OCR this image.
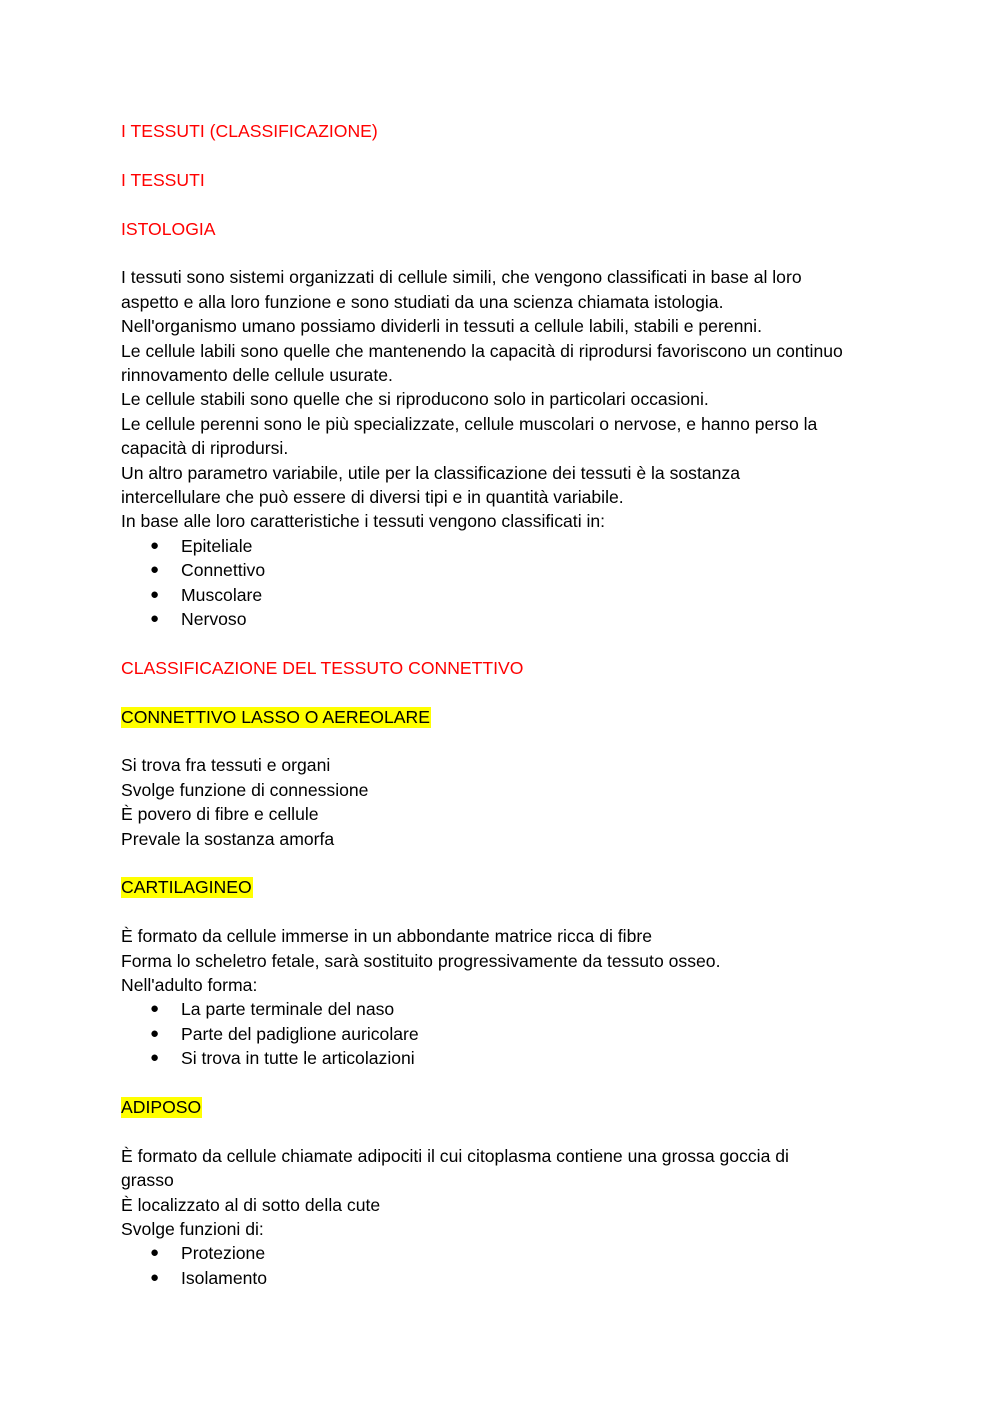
I TESSUTI (CLASSIFICAZIONE)
I TESSUTI
ISTOLOGIA
I tessuti sono sistemi organizzati di cellule simili, che vengono classificati in base al loro
aspetto e alla loro funzione e sono studiati da una scienza chiamata istologia.
Nell'organismo umano possiamo dividerli in tessuti a cellule labili, stabili e perenni.
Le cellule labili sono quelle che mantenendo la capacità di riprodursi favoriscono un continuo
rinnovamento delle cellule usurate.
Le cellule stabili sono quelle che si riproducono solo in particolari occasioni.
Le cellule perenni sono le più specializzate, cellule muscolari o nervose, e hanno perso la
capacità di riprodursi.
Un altro parametro variabile, utile per la classificazione dei tessuti è la sostanza
intercellulare che può essere di diversi tipi e in quantità variabile.
In base alle loro caratteristiche i tessuti vengono classificati in:
● Epiteliale
● Connettivo
● Muscolare
● Nervoso
CLASSIFICAZIONE DEL TESSUTO CONNETTIVO
CONNETTIVO LASSO O AEREOLARE
Si trova fra tessuti e organi
Svolge funzione di connessione
È povero di fibre e cellule
Prevale la sostanza amorfa
CARTILAGINEO
È formato da cellule immerse in un abbondante matrice ricca di fibre
Forma lo scheletro fetale, sarà sostituito progressivamente da tessuto osseo.
Nell'adulto forma:
● La parte terminale del naso
● Parte del padiglione auricolare
● Si trova in tutte le articolazioni
ADIPOSO
È formato da cellule chiamate adipociti il cui citoplasma contiene una grossa goccia di
grasso
È localizzato al di sotto della cute
Svolge funzioni di:
● Protezione
● Isolamento
